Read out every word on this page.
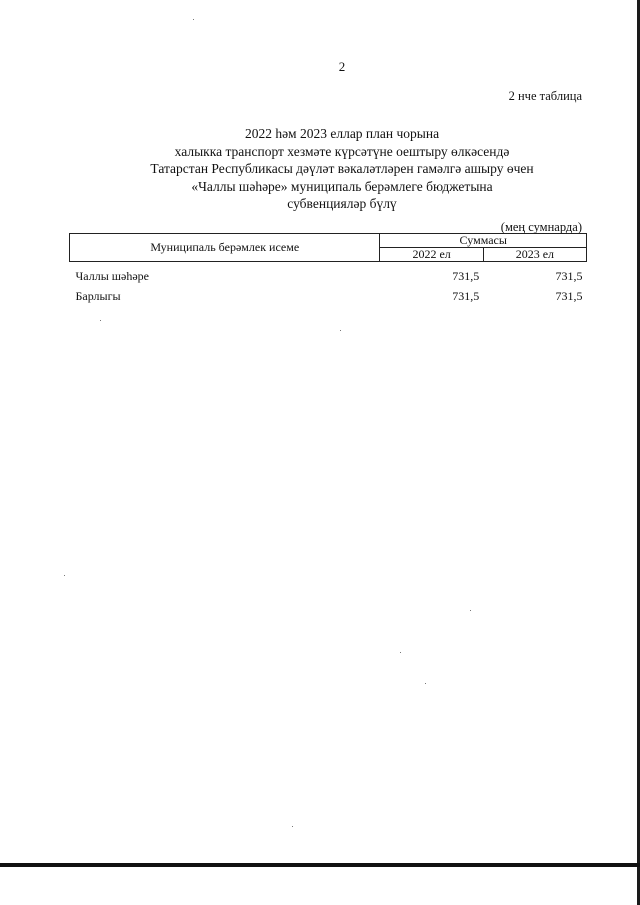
2
2 нче таблица
2022 һәм 2023 еллар план чорына
халыкка транспорт хезмәте күрсәтүне оештыру өлкәсендә
Татарстан Республикасы дәүләт вәкаләтләрен гамәлгә ашыру өчен
«Чаллы шәһәре» муниципаль берәмлеге бюджетына
субвенцияләр бүлү
(мең сумнарда)
Муниципаль берәмлек исеме	Суммасы	
	2022 ел	2023 ел
Чаллы шәһәре	731,5	731,5
Барлыгы	731,5	731,5
